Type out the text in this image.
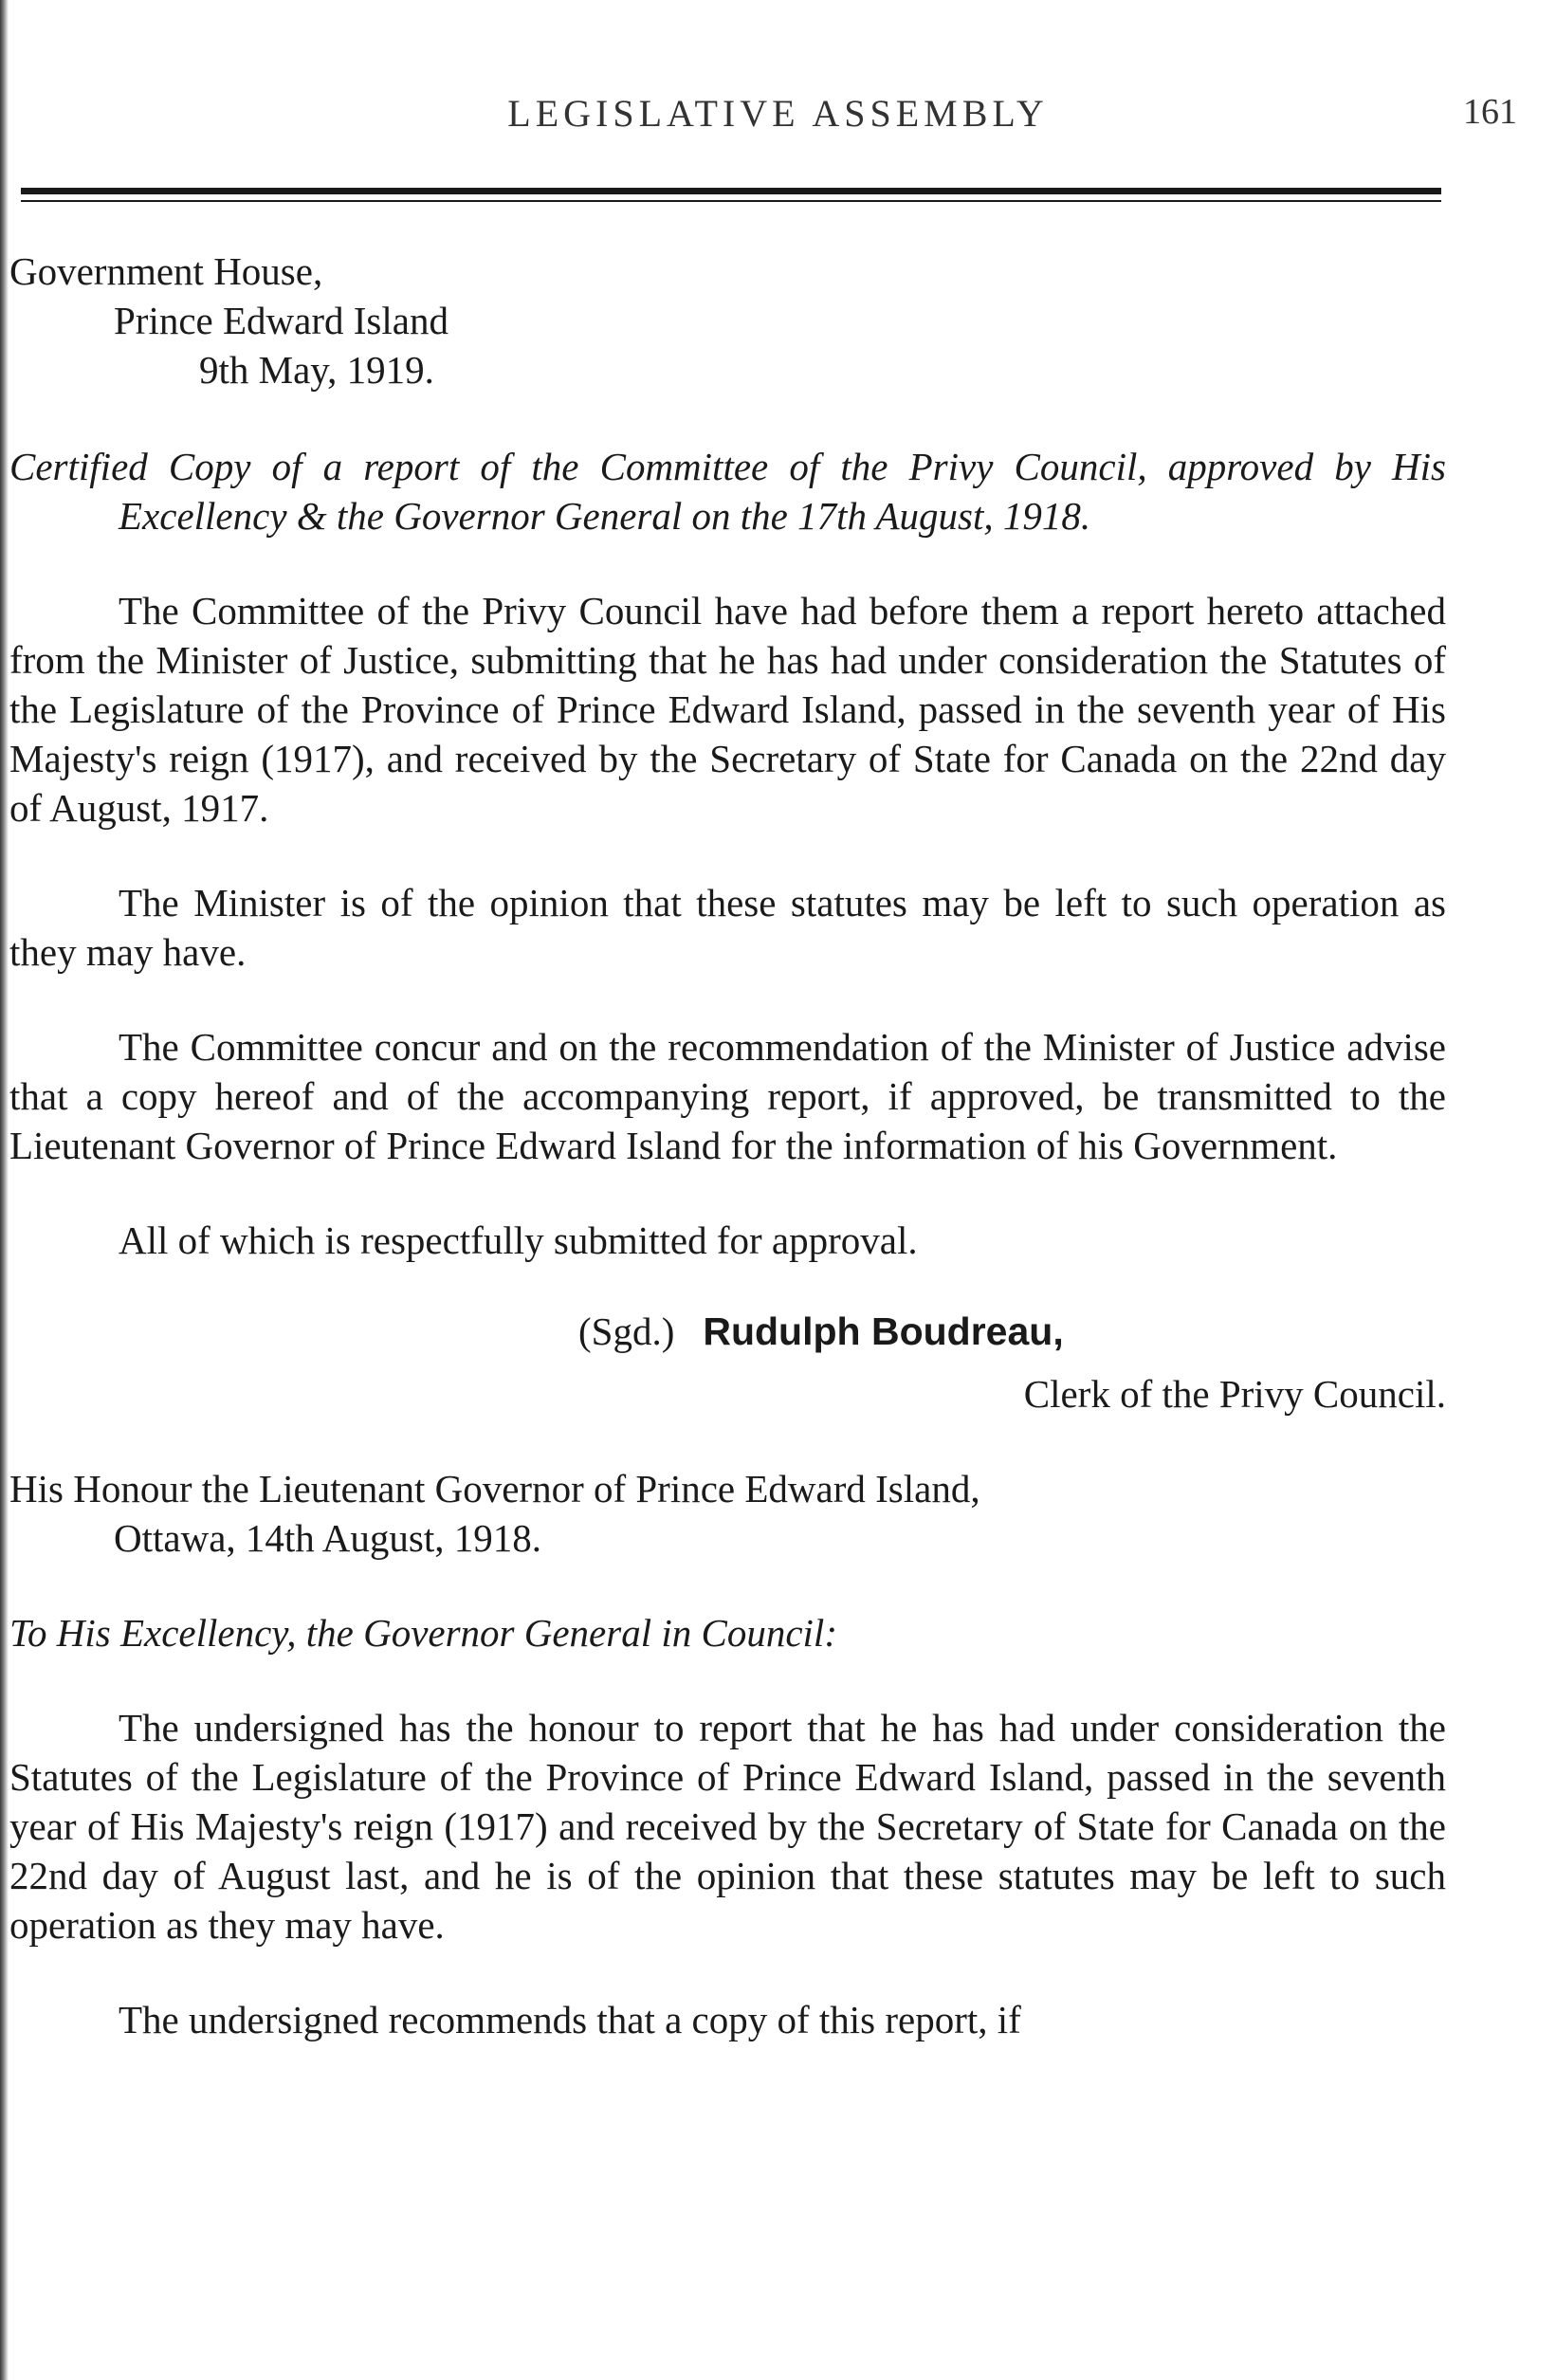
LEGISLATIVE ASSEMBLY	161

Government House,

Prince Edward Island

9th May, 1919.

Certified Copy of a report of the Committee of the Privy Council, approved by His Excellency & the Governor General on the 17th August, 1918.

The Committee of the Privy Council have had before them a report hereto attached from the Minister of Justice, submitting that he has had under consideration the Statutes of the Legislature of the Province of Prince Edward Island, passed in the seventh year of His Majesty's reign (1917), and received by the Secretary of State for Canada on the 22nd day of August, 1917.

The Minister is of the opinion that these statutes may be left to such operation as they may have.

The Committee concur and on the recommendation of the Minister of Justice advise that a copy hereof and of the accompanying report, if approved, be transmitted to the Lieutenant Governor of Prince Edward Island for the information of his Government.

All of which is respectfully submitted for approval.

(Sgd.) Rudulph Boudreau,

Clerk of the Privy Council.

His Honour the Lieutenant Governor of Prince Edward Island,

Ottawa, 14th August, 1918.

To His Excellency, the Governor General in Council:

The undersigned has the honour to report that he has had under consideration the Statutes of the Legislature of the Province of Prince Edward Island, passed in the seventh year of His Majesty's reign (1917) and received by the Secretary of State for Canada on the 22nd day of August last, and he is of the opinion that these statutes may be left to such operation as they may have.

The undersigned recommends that a copy of this report, if
